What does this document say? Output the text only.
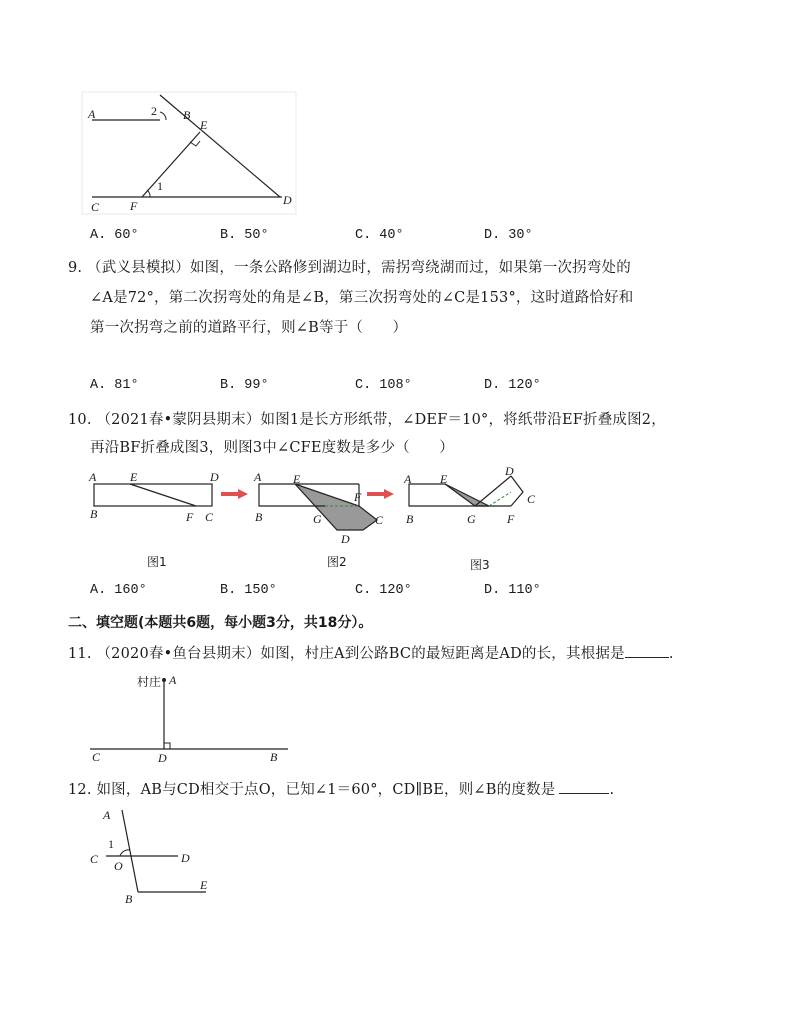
A	2 B
E
1
C	F	D
A. 60°	B. 50°	C. 40°	D. 30°
9. （武义县模拟）如图，一条公路修到湖边时，需拐弯绕湖而过，如果第一次拐弯处的
∠A是72°，第二次拐弯处的角是∠B，第三次拐弯处的∠C是153°，这时道路恰好和
第一次拐弯之前的道路平行，则∠B等于（　　）
A. 81°	B. 99°	C. 108°	D. 120°
10. （2021春•蒙阴县期末）如图1是长方形纸带，∠DEF＝10°，将纸带沿EF折叠成图2，
再沿BF折叠成图3，则图3中∠CFE度数是多少（　　）
A	E	D
B	F C
图1
A	E
F
B	G	C
D
图2
A E
D
C
B	G	F
图3
A. 160°	B. 150°	C. 120°	D. 110°
二、填空题(本题共6题，每小题3分，共18分）。
11. （2020春•鱼台县期末）如图，村庄A到公路BC的最短距离是AD的长，其根据是	.
村庄 A
C	D	B
12. 如图，AB与CD相交于点O，已知∠1＝60°，CD∥BE，则∠B的度数是	.
A
1
C O
D
B
E
